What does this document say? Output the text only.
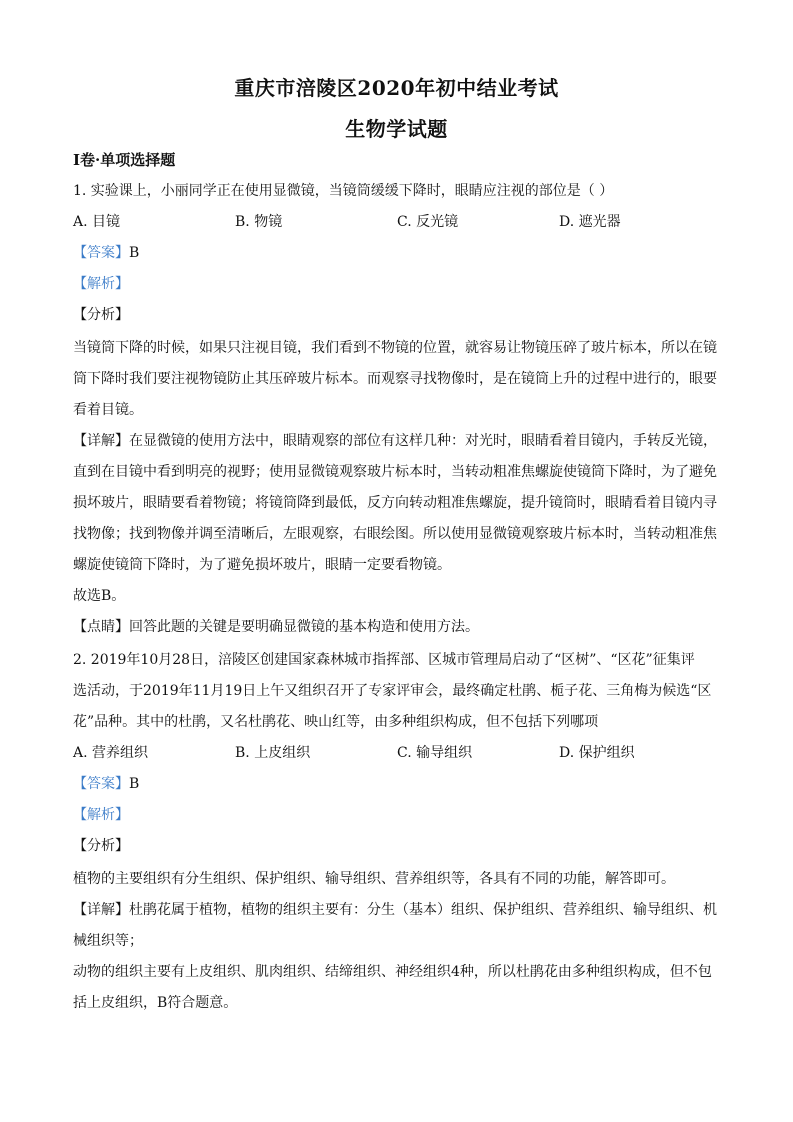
重庆市涪陵区2020年初中结业考试
生物学试题
Ⅰ卷·单项选择题
1. 实验课上，小丽同学正在使用显微镜，当镜筒缓缓下降时，眼睛应注视的部位是（ ）
A. 目镜	B. 物镜	C. 反光镜	D. 遮光器
【答案】B
【解析】
【分析】
当镜筒下降的时候，如果只注视目镜，我们看到不物镜的位置，就容易让物镜压碎了玻片标本，所以在镜
筒下降时我们要注视物镜防止其压碎玻片标本。而观察寻找物像时，是在镜筒上升的过程中进行的，眼要
看着目镜。
【详解】在显微镜的使用方法中，眼睛观察的部位有这样几种：对光时，眼睛看着目镜内，手转反光镜，
直到在目镜中看到明亮的视野；使用显微镜观察玻片标本时，当转动粗准焦螺旋使镜筒下降时，为了避免
损坏玻片，眼睛要看着物镜；将镜筒降到最低，反方向转动粗准焦螺旋，提升镜筒时，眼睛看着目镜内寻
找物像；找到物像并调至清晰后，左眼观察，右眼绘图。所以使用显微镜观察玻片标本时，当转动粗准焦
螺旋使镜筒下降时，为了避免损坏玻片，眼睛一定要看物镜。
故选B。
【点睛】回答此题的关键是要明确显微镜的基本构造和使用方法。
2. 2019年10月28日，涪陵区创建国家森林城市指挥部、区城市管理局启动了“区树”、“区花”征集评
选活动，于2019年11月19日上午又组织召开了专家评审会，最终确定杜鹃、栀子花、三角梅为候选“区
花”品种。其中的杜鹃，又名杜鹃花、映山红等，由多种组织构成，但不包括下列哪项
A. 营养组织	B. 上皮组织	C. 输导组织	D. 保护组织
【答案】B
【解析】
【分析】
植物的主要组织有分生组织、保护组织、输导组织、营养组织等，各具有不同的功能，解答即可。
【详解】杜鹃花属于植物，植物的组织主要有：分生（基本）组织、保护组织、营养组织、输导组织、机
械组织等；
动物的组织主要有上皮组织、肌肉组织、结缔组织、神经组织4种，所以杜鹃花由多种组织构成，但不包
括上皮组织，B符合题意。
